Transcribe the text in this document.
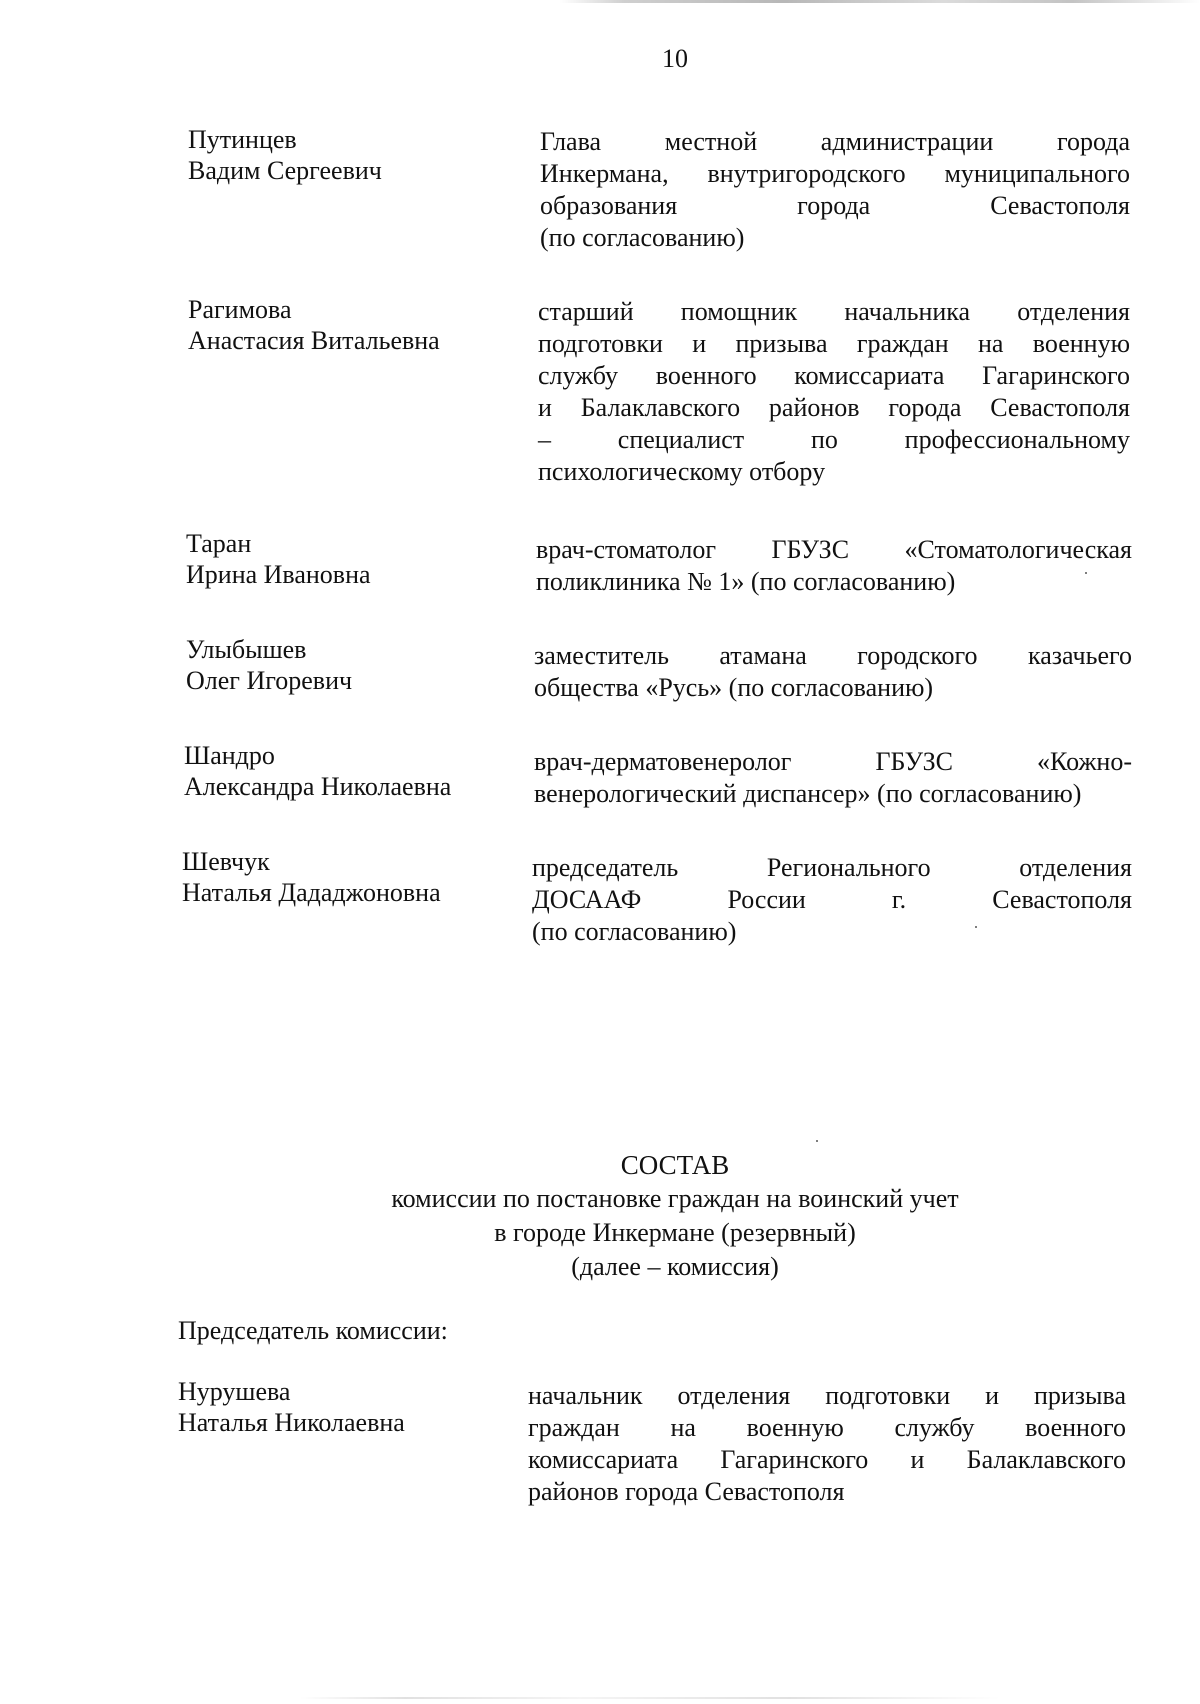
10
Путинцев
Вадим Сергеевич
Глава местной администрации города
Инкермана, внутригородского муниципального
образования города Севастополя
(по согласованию)
Рагимова
Анастасия Витальевна
старший помощник начальника отделения
подготовки и призыва граждан на военную
службу военного комиссариата Гагаринского
и Балаклавского районов города Севастополя
– специалист по профессиональному
психологическому отбору
Таран
Ирина Ивановна
врач-стоматолог ГБУЗС «Стоматологическая
поликлиника № 1» (по согласованию)
Улыбышев
Олег Игоревич
заместитель атамана городского казачьего
общества «Русь» (по согласованию)
Шандро
Александра Николаевна
врач-дерматовенеролог ГБУЗС «Кожно-
венерологический диспансер» (по согласованию)
Шевчук
Наталья Дададжоновна
председатель Регионального отделения
ДОСААФ России г. Севастополя
(по согласованию)
СОСТАВ
комиссии по постановке граждан на воинский учет
в городе Инкермане (резервный)
(далее – комиссия)
Председатель комиссии:
Нурушева
Наталья Николаевна
начальник отделения подготовки и призыва
граждан на военную службу военного
комиссариата Гагаринского и Балаклавского
районов города Севастополя
